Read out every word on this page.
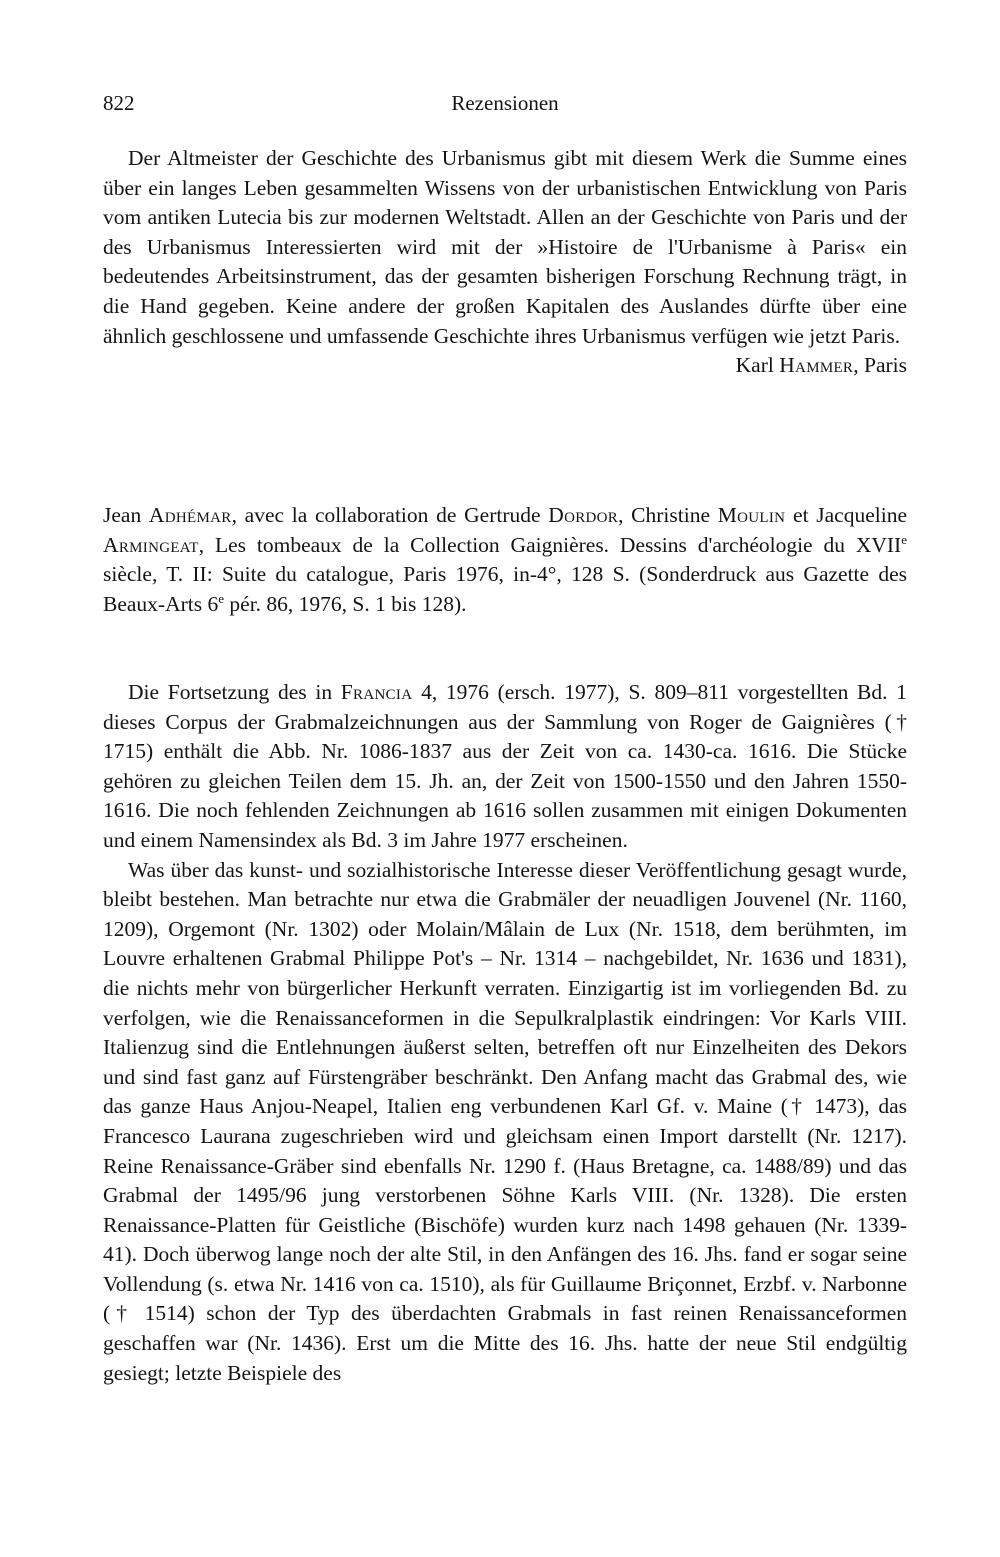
822	Rezensionen

Der Altmeister der Geschichte des Urbanismus gibt mit diesem Werk die Summe eines über ein langes Leben gesammelten Wissens von der urbanistischen Entwicklung von Paris vom antiken Lutecia bis zur modernen Weltstadt. Allen an der Geschichte von Paris und der des Urbanismus Interessierten wird mit der »Histoire de l'Urbanisme à Paris« ein bedeutendes Arbeitsinstrument, das der gesamten bisherigen Forschung Rechnung trägt, in die Hand gegeben. Keine andere der großen Kapitalen des Auslandes dürfte über eine ähnlich geschlossene und umfassende Geschichte ihres Urbanismus verfügen wie jetzt Paris.

Karl Hammer, Paris

Jean Adhémar, avec la collaboration de Gertrude Dordor, Christine Moulin et Jacqueline Armingeat, Les tombeaux de la Collection Gaignières. Dessins d'archéologie du XVIIe siècle, T. II: Suite du catalogue, Paris 1976, in-4°, 128 S. (Sonderdruck aus Gazette des Beaux-Arts 6e pér. 86, 1976, S. 1 bis 128).

Die Fortsetzung des in Francia 4, 1976 (ersch. 1977), S. 809–811 vorgestellten Bd. 1 dieses Corpus der Grabmalzeichnungen aus der Sammlung von Roger de Gaignières († 1715) enthält die Abb. Nr. 1086-1837 aus der Zeit von ca. 1430-ca. 1616. Die Stücke gehören zu gleichen Teilen dem 15. Jh. an, der Zeit von 1500-1550 und den Jahren 1550-1616. Die noch fehlenden Zeichnungen ab 1616 sollen zusammen mit einigen Dokumenten und einem Namensindex als Bd. 3 im Jahre 1977 erscheinen.

Was über das kunst- und sozialhistorische Interesse dieser Veröffentlichung gesagt wurde, bleibt bestehen. Man betrachte nur etwa die Grabmäler der neuadligen Jouvenel (Nr. 1160, 1209), Orgemont (Nr. 1302) oder Molain/Mâlain de Lux (Nr. 1518, dem berühmten, im Louvre erhaltenen Grabmal Philippe Pot's – Nr. 1314 – nachgebildet, Nr. 1636 und 1831), die nichts mehr von bürgerlicher Herkunft verraten. Einzigartig ist im vorliegenden Bd. zu verfolgen, wie die Renaissanceformen in die Sepulkralplastik eindringen: Vor Karls VIII. Italienzug sind die Entlehnungen äußerst selten, betreffen oft nur Einzelheiten des Dekors und sind fast ganz auf Fürstengräber beschränkt. Den Anfang macht das Grabmal des, wie das ganze Haus Anjou-Neapel, Italien eng verbundenen Karl Gf. v. Maine († 1473), das Francesco Laurana zugeschrieben wird und gleichsam einen Import darstellt (Nr. 1217). Reine Renaissance-Gräber sind ebenfalls Nr. 1290 f. (Haus Bretagne, ca. 1488/89) und das Grabmal der 1495/96 jung verstorbenen Söhne Karls VIII. (Nr. 1328). Die ersten Renaissance-Platten für Geistliche (Bischöfe) wurden kurz nach 1498 gehauen (Nr. 1339-41). Doch überwog lange noch der alte Stil, in den Anfängen des 16. Jhs. fand er sogar seine Vollendung (s. etwa Nr. 1416 von ca. 1510), als für Guillaume Briçonnet, Erzbf. v. Narbonne († 1514) schon der Typ des überdachten Grabmals in fast reinen Renaissanceformen geschaffen war (Nr. 1436). Erst um die Mitte des 16. Jhs. hatte der neue Stil endgültig gesiegt; letzte Beispiele des
